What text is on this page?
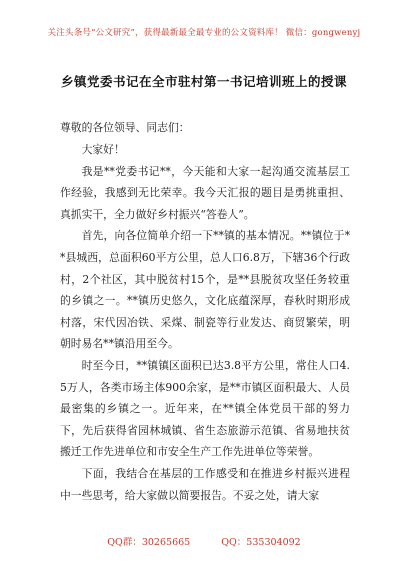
关注头条号“公文研究”，获得最新最全最专业的公文资料库！ 微信：gongwenyj
乡镇党委书记在全市驻村第一书记培训班上的授课
尊敬的各位领导、同志们：

大家好！

我是**党委书记**，今天能和大家一起沟通交流基层工作经验，我感到无比荣幸。我今天汇报的题目是勇挑重担、真抓实干，全力做好乡村振兴“答卷人”。

首先，向各位简单介绍一下**镇的基本情况。**镇位于**县城西，总面积60平方公里，总人口6.8万，下辖36个行政村，2个社区，其中脱贫村15个，是**县脱贫攻坚任务较重的乡镇之一。**镇历史悠久，文化底蕴深厚，春秋时期形成村落，宋代因冶铁、采煤、制瓷等行业发达、商贸繁荣，明朝时易名**镇沿用至今。

时至今日，**镇镇区面积已达3.8平方公里，常住人口4.5万人，各类市场主体900余家，是**市镇区面积最大、人员最密集的乡镇之一。近年来，在**镇全体党员干部的努力下，先后获得省园林城镇、省生态旅游示范镇、省易地扶贫搬迁工作先进单位和市安全生产工作先进单位等荣誉。

下面，我结合在基层的工作感受和在推进乡村振兴进程中一些思考，给大家做以简要报告。不妥之处，请大家

QQ群：30265665	QQ：535304092
